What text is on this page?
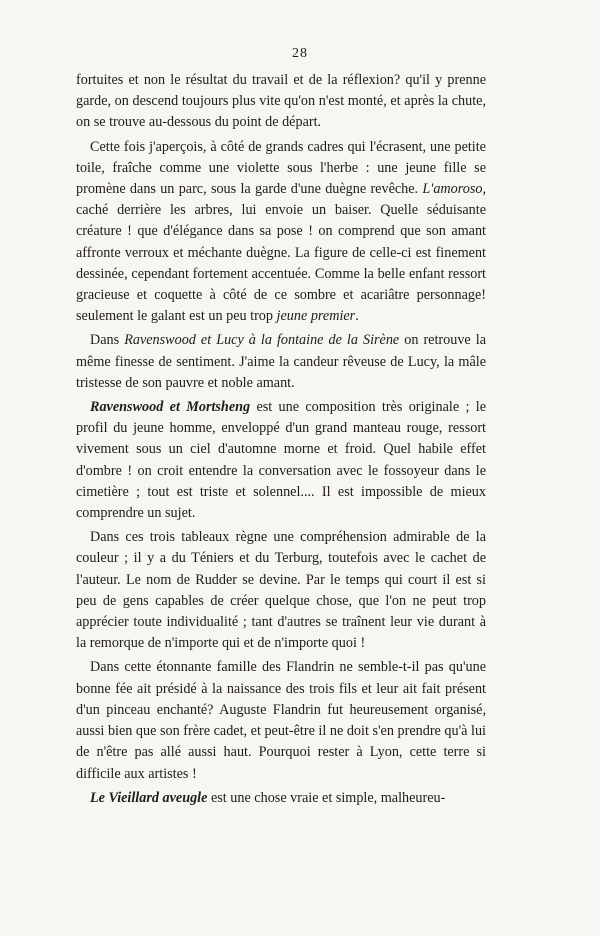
28

fortuites et non le résultat du travail et de la réflexion? qu'il y prenne garde, on descend toujours plus vite qu'on n'est monté, et après la chute, on se trouve au-dessous du point de départ.

Cette fois j'aperçois, à côté de grands cadres qui l'écrasent, une petite toile, fraîche comme une violette sous l'herbe : une jeune fille se promène dans un parc, sous la garde d'une duègne revêche. L'amoroso, caché derrière les arbres, lui envoie un baiser. Quelle séduisante créature ! que d'élégance dans sa pose ! on comprend que son amant affronte verroux et méchante duègne. La figure de celle-ci est finement dessinée, cependant fortement accentuée. Comme la belle enfant ressort gracieuse et coquette à côté de ce sombre et acariâtre personnage! seulement le galant est un peu trop jeune premier.

Dans Ravenswood et Lucy à la fontaine de la Sirène on retrouve la même finesse de sentiment. J'aime la candeur rêveuse de Lucy, la mâle tristesse de son pauvre et noble amant.

Ravenswood et Mortsheng est une composition très originale ; le profil du jeune homme, enveloppé d'un grand manteau rouge, ressort vivement sous un ciel d'automne morne et froid. Quel habile effet d'ombre ! on croit entendre la conversation avec le fossoyeur dans le cimetière ; tout est triste et solennel.... Il est impossible de mieux comprendre un sujet.

Dans ces trois tableaux règne une compréhension admirable de la couleur ; il y a du Téniers et du Terburg, toutefois avec le cachet de l'auteur. Le nom de Rudder se devine. Par le temps qui court il est si peu de gens capables de créer quelque chose, que l'on ne peut trop apprécier toute individualité ; tant d'autres se traînent leur vie durant à la remorque de n'importe qui et de n'importe quoi !

Dans cette étonnante famille des Flandrin ne semble-t-il pas qu'une bonne fée ait présidé à la naissance des trois fils et leur ait fait présent d'un pinceau enchanté? Auguste Flandrin fut heureusement organisé, aussi bien que son frère cadet, et peut-être il ne doit s'en prendre qu'à lui de n'être pas allé aussi haut. Pourquoi rester à Lyon, cette terre si difficile aux artistes !

Le Vieillard aveugle est une chose vraie et simple, malheureu-
